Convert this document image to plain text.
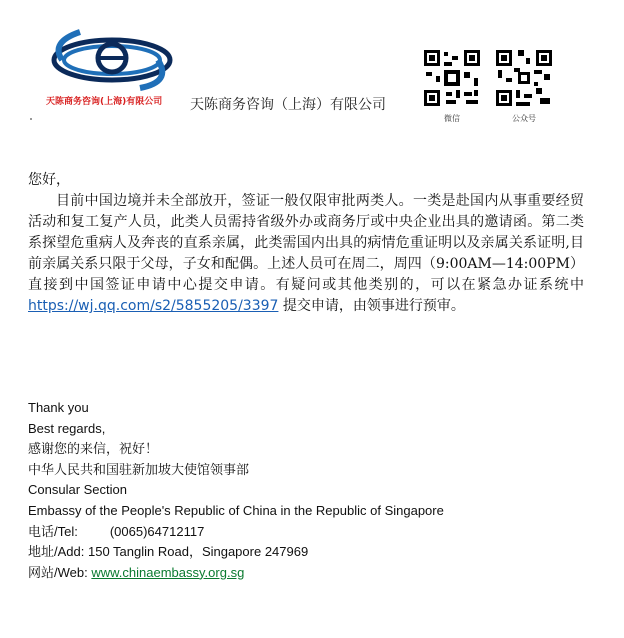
天陈商务咨询(上海)有限公司 天陈商务咨询（上海）有限公司
微信	公众号

您好，

目前中国边境并未全部放开，签证一般仅限审批两类人。一类是赴国内从事重要经贸活动和复工复产人员，此类人员需持省级外办或商务厅或中央企业出具的邀请函。第二类系探望危重病人及奔丧的直系亲属，此类需国内出具的病情危重证明以及亲属关系证明,目前亲属关系只限于父母，子女和配偶。上述人员可在周二，周四（9:00AM—14:00PM）直接到中国签证申请中心提交申请。有疑问或其他类别的，可以在紧急办证系统中 https://wj.qq.com/s2/5855205/3397 提交申请，由领事进行预审。

Thank you
Best regards,
感谢您的来信，祝好！
中华人民共和国驻新加坡大使馆领事部
Consular Section
Embassy of the People's Republic of China in the Republic of Singapore
电话/Tel: (0065)64712117
地址/Add: 150 Tanglin Road，Singapore 247969
网站/Web: www.chinaembassy.org.sg
